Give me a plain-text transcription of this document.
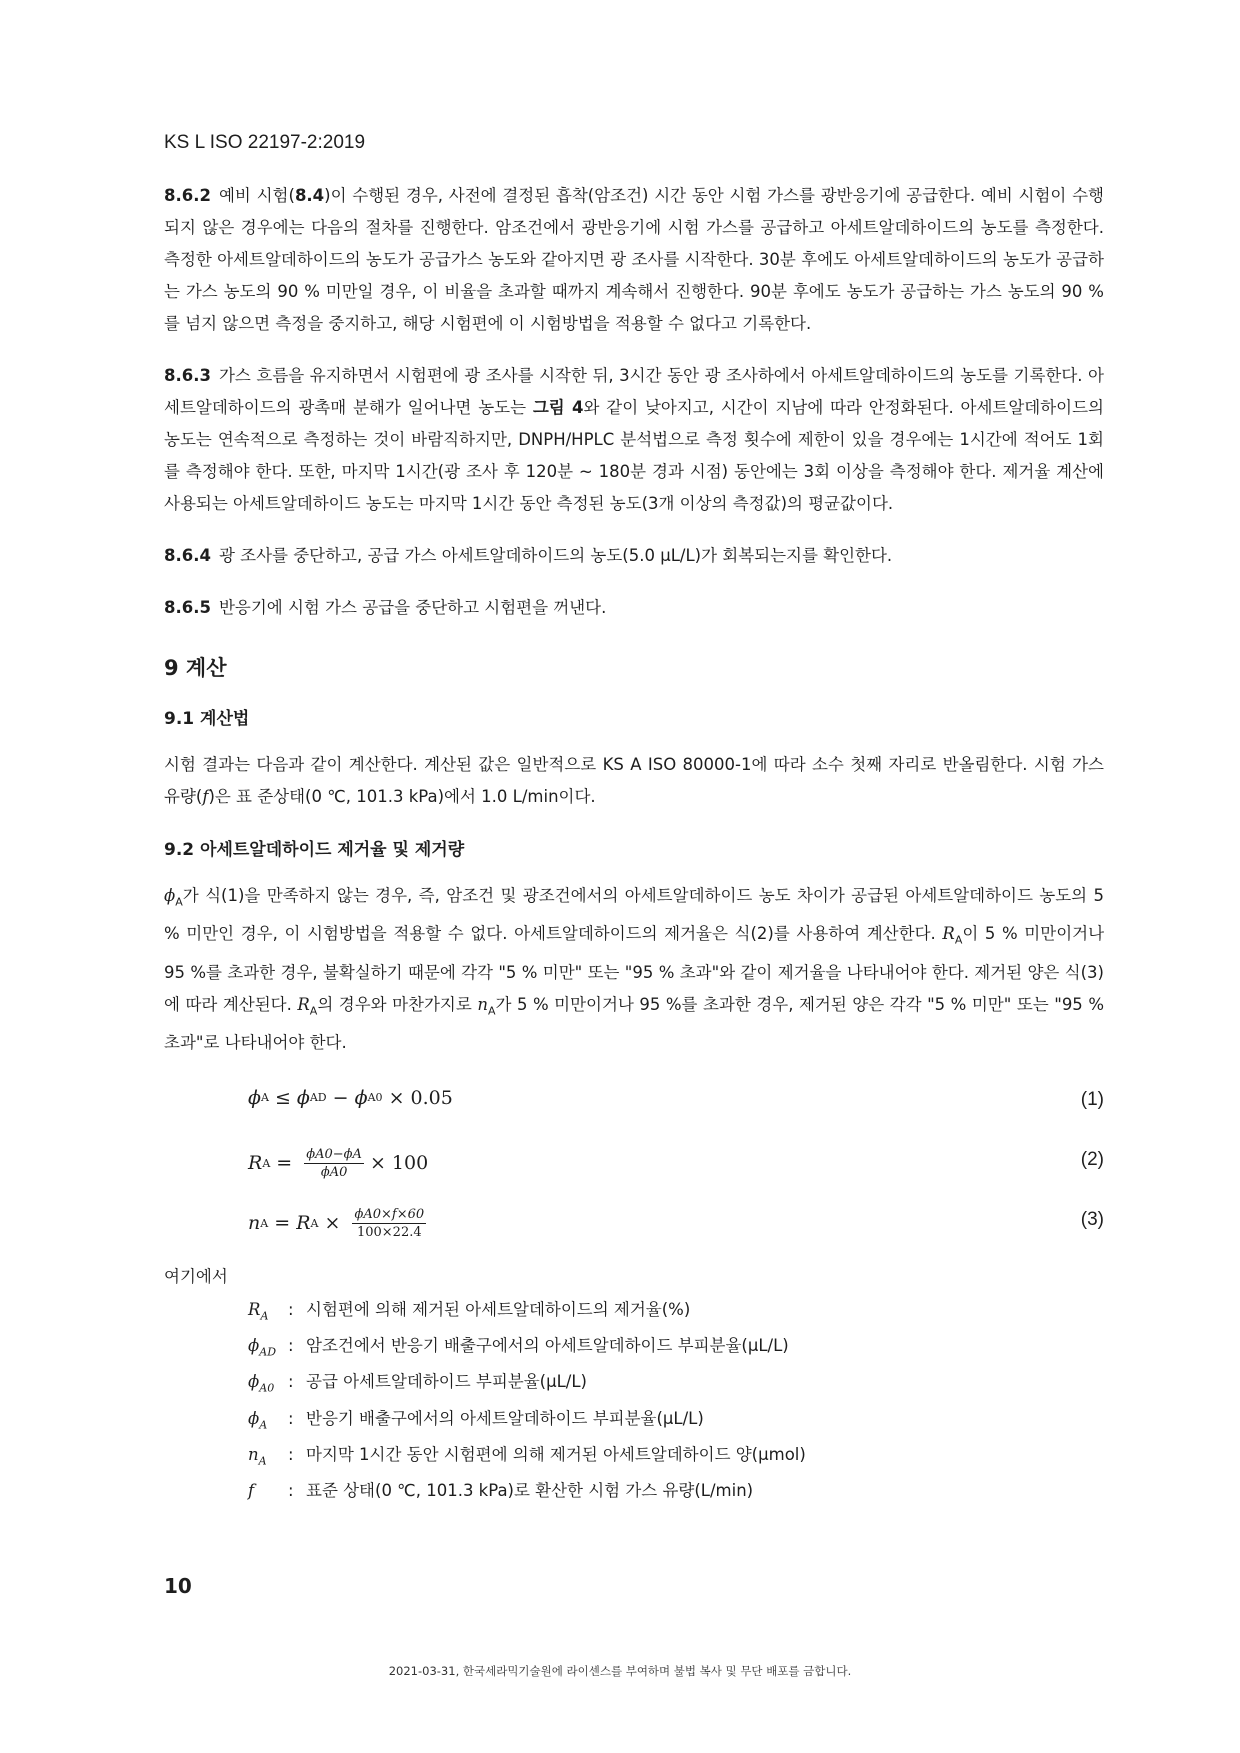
KS L ISO 22197-2:2019

8.6.2 예비 시험(8.4)이 수행된 경우, 사전에 결정된 흡착(암조건) 시간 동안 시험 가스를 광반응기에 공급한다. 예비 시험이 수행되지 않은 경우에는 다음의 절차를 진행한다. 암조건에서 광반응기에 시험 가스를 공급하고 아세트알데하이드의 농도를 측정한다. 측정한 아세트알데하이드의 농도가 공급가스 농도와 같아지면 광 조사를 시작한다. 30분 후에도 아세트알데하이드의 농도가 공급하는 가스 농도의 90 % 미만일 경우, 이 비율을 초과할 때까지 계속해서 진행한다. 90분 후에도 농도가 공급하는 가스 농도의 90 %를 넘지 않으면 측정을 중지하고, 해당 시험편에 이 시험방법을 적용할 수 없다고 기록한다.

8.6.3 가스 흐름을 유지하면서 시험편에 광 조사를 시작한 뒤, 3시간 동안 광 조사하에서 아세트알데하이드의 농도를 기록한다. 아세트알데하이드의 광촉매 분해가 일어나면 농도는 그림 4와 같이 낮아지고, 시간이 지남에 따라 안정화된다. 아세트알데하이드의 농도는 연속적으로 측정하는 것이 바람직하지만, DNPH/HPLC 분석법으로 측정 횟수에 제한이 있을 경우에는 1시간에 적어도 1회를 측정해야 한다. 또한, 마지막 1시간(광 조사 후 120분 ~ 180분 경과 시점) 동안에는 3회 이상을 측정해야 한다. 제거율 계산에 사용되는 아세트알데하이드 농도는 마지막 1시간 동안 측정된 농도(3개 이상의 측정값)의 평균값이다.

8.6.4 광 조사를 중단하고, 공급 가스 아세트알데하이드의 농도(5.0 µL/L)가 회복되는지를 확인한다.

8.6.5 반응기에 시험 가스 공급을 중단하고 시험편을 꺼낸다.

9 계산
9.1 계산법

시험 결과는 다음과 같이 계산한다. 계산된 값은 일반적으로 KS A ISO 80000-1에 따라 소수 첫째 자리로 반올림한다. 시험 가스 유량(f)은 표 준상태(0 ℃, 101.3 kPa)에서 1.0 L/min이다.

9.2 아세트알데하이드 제거율 및 제거량

$\phi_A$가 식(1)을 만족하지 않는 경우, 즉, 암조건 및 광조건에서의 아세트알데하이드 농도 차이가 공급된 아세트알데하이드 농도의 5 % 미만인 경우, 이 시험방법을 적용할 수 없다. 아세트알데하이드의 제거율은 식(2)를 사용하여 계산한다. $R_A$이 5 % 미만이거나 95 %를 초과한 경우, 불확실하기 때문에 각각 "5 % 미만" 또는 "95 % 초과"와 같이 제거율을 나타내어야 한다. 제거된 양은 식(3)에 따라 계산된다. $R_A$의 경우와 마찬가지로 $n_A$가 5 % 미만이거나 95 %를 초과한 경우, 제거된 양은 각각 "5 % 미만" 또는 "95 % 초과"로 나타내어야 한다.

ϕ A ≤ ϕ AD − ϕ A0 × 0.05	(1)
R $A = \frac{\phi A0-\phi A}{\phi A0} \times 100$	(2)
n A = R $A \times \frac{\phi A0\times f\times 60}{100\times 22.4}$	(3)
여기에서
$R_A$	: 시험편에 의해 제거된 아세트알데하이드의 제거율(%)
$\phi_{AD}$ : 암조건에서 반응기 배출구에서의 아세트알데하이드 부피분율(µL/L)
$\phi_{A0}$ : 공급 아세트알데하이드 부피분율(µL/L)
$\phi_A$	: 반응기 배출구에서의 아세트알데하이드 부피분율(µL/L)
$n_A$	: 마지막 1시간 동안 시험편에 의해 제거된 아세트알데하이드 양(µmol)
f	: 표준 상태(0 ℃, 101.3 kPa)로 환산한 시험 가스 유량(L/min)
10
2021-03-31, 한국세라믹기술원에 라이센스를 부여하며 불법 복사 및 무단 배포를 금합니다.
